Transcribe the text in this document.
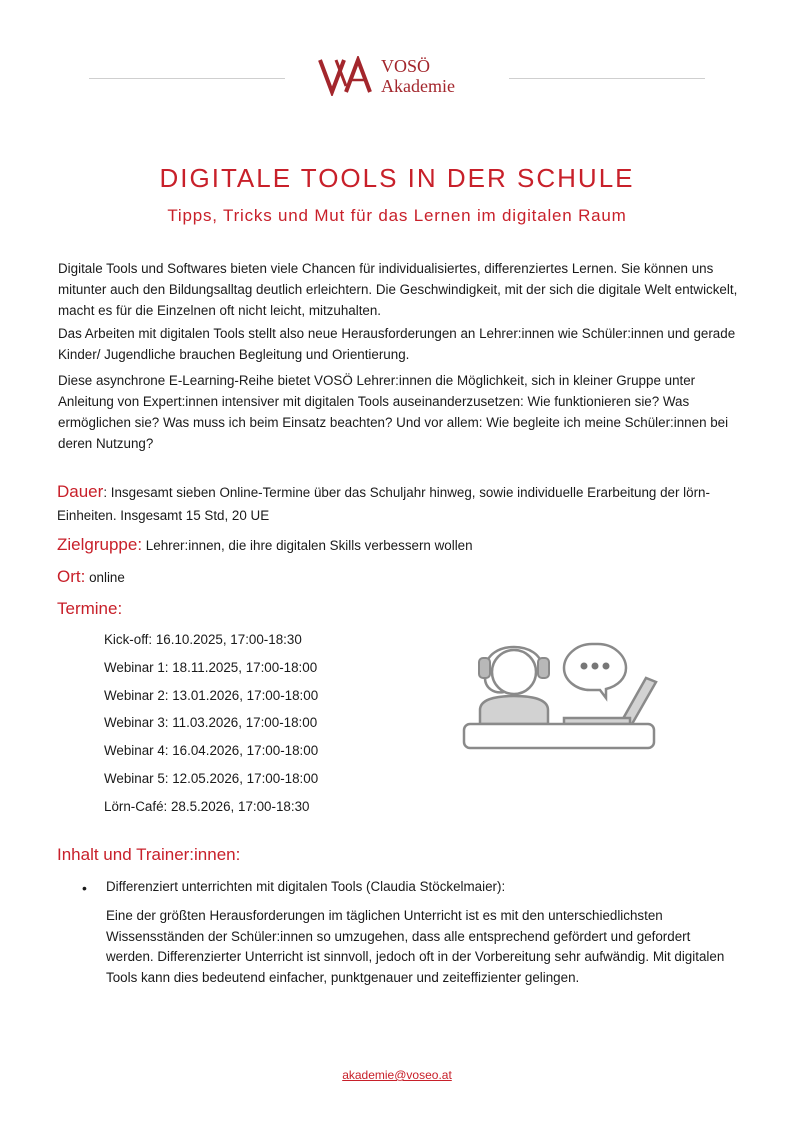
VOSÖ
Akademie
DIGITALE TOOLS IN DER SCHULE
Tipps, Tricks und Mut für das Lernen im digitalen Raum
Digitale Tools und Softwares bieten viele Chancen für individualisiertes, differenziertes Lernen. Sie können uns mitunter auch den Bildungsalltag deutlich erleichtern. Die Geschwindigkeit, mit der sich die digitale Welt entwickelt, macht es für die Einzelnen oft nicht leicht, mitzuhalten.
Das Arbeiten mit digitalen Tools stellt also neue Herausforderungen an Lehrer:innen wie Schüler:innen und gerade Kinder/ Jugendliche brauchen Begleitung und Orientierung.
Diese asynchrone E-Learning-Reihe bietet VOSÖ Lehrer:innen die Möglichkeit, sich in kleiner Gruppe unter Anleitung von Expert:innen intensiver mit digitalen Tools auseinanderzusetzen: Wie funktionieren sie? Was ermöglichen sie? Was muss ich beim Einsatz beachten? Und vor allem: Wie begleite ich meine Schüler:innen bei deren Nutzung?
Dauer: Insgesamt sieben Online-Termine über das Schuljahr hinweg, sowie individuelle Erarbeitung der lörn-Einheiten. Insgesamt 15 Std, 20 UE
Zielgruppe: Lehrer:innen, die ihre digitalen Skills verbessern wollen
Ort: online
Termine:
Kick-off: 16.10.2025, 17:00-18:30
Webinar 1: 18.11.2025, 17:00-18:00
Webinar 2: 13.01.2026, 17:00-18:00
Webinar 3: 11.03.2026, 17:00-18:00
Webinar 4: 16.04.2026, 17:00-18:00
Webinar 5: 12.05.2026, 17:00-18:00
Lörn-Café: 28.5.2026, 17:00-18:30
Inhalt und Trainer:innen:
• Differenziert unterrichten mit digitalen Tools (Claudia Stöckelmaier):
Eine der größten Herausforderungen im täglichen Unterricht ist es mit den unterschiedlichsten Wissensständen der Schüler:innen so umzugehen, dass alle entsprechend gefördert und gefordert werden. Differenzierter Unterricht ist sinnvoll, jedoch oft in der Vorbereitung sehr aufwändig. Mit digitalen Tools kann dies bedeutend einfacher, punktgenauer und zeiteffizienter gelingen.
akademie@voseo.at
